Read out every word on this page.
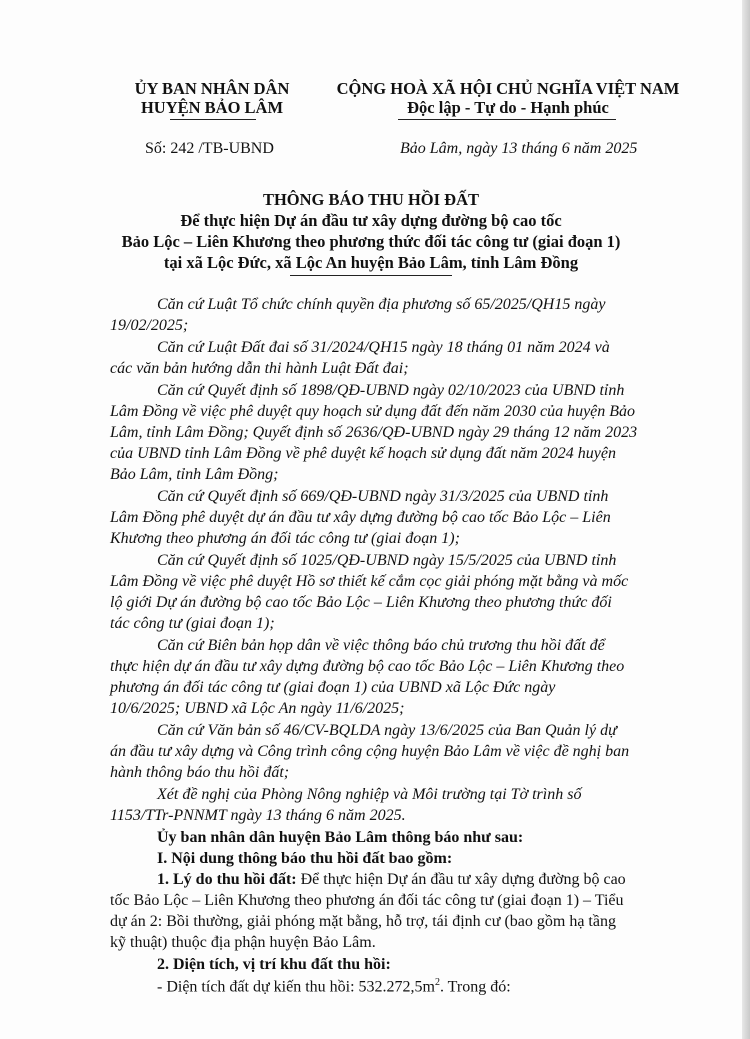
ỦY BAN NHÂN DÂN
HUYỆN BẢO LÂM
CỘNG HOÀ XÃ HỘI CHỦ NGHĨA VIỆT NAM
Độc lập - Tự do - Hạnh phúc
Số: 242 /TB-UBND	Bảo Lâm, ngày 13 tháng 6 năm 2025
THÔNG BÁO THU HỒI ĐẤT
Để thực hiện Dự án đầu tư xây dựng đường bộ cao tốc
Bảo Lộc – Liên Khương theo phương thức đối tác công tư (giai đoạn 1)
tại xã Lộc Đức, xã Lộc An huyện Bảo Lâm, tỉnh Lâm Đồng
Căn cứ Luật Tổ chức chính quyền địa phương số 65/2025/QH15 ngày
19/02/2025;
Căn cứ Luật Đất đai số 31/2024/QH15 ngày 18 tháng 01 năm 2024 và
các văn bản hướng dẫn thi hành Luật Đất đai;
Căn cứ Quyết định số 1898/QĐ-UBND ngày 02/10/2023 của UBND tỉnh
Lâm Đồng về việc phê duyệt quy hoạch sử dụng đất đến năm 2030 của huyện Bảo
Lâm, tỉnh Lâm Đồng; Quyết định số 2636/QĐ-UBND ngày 29 tháng 12 năm 2023
của UBND tỉnh Lâm Đồng về phê duyệt kế hoạch sử dụng đất năm 2024 huyện
Bảo Lâm, tỉnh Lâm Đồng;
Căn cứ Quyết định số 669/QĐ-UBND ngày 31/3/2025 của UBND tỉnh
Lâm Đồng phê duyệt dự án đầu tư xây dựng đường bộ cao tốc Bảo Lộc – Liên
Khương theo phương án đối tác công tư (giai đoạn 1);
Căn cứ Quyết định số 1025/QĐ-UBND ngày 15/5/2025 của UBND tỉnh
Lâm Đồng về việc phê duyệt Hồ sơ thiết kế cắm cọc giải phóng mặt bằng và mốc
lộ giới Dự án đường bộ cao tốc Bảo Lộc – Liên Khương theo phương thức đối
tác công tư (giai đoạn 1);
Căn cứ Biên bản họp dân về việc thông báo chủ trương thu hồi đất để
thực hiện dự án đầu tư xây dựng đường bộ cao tốc Bảo Lộc – Liên Khương theo
phương án đối tác công tư (giai đoạn 1) của UBND xã Lộc Đức ngày
10/6/2025; UBND xã Lộc An ngày 11/6/2025;
Căn cứ Văn bản số 46/CV-BQLDA ngày 13/6/2025 của Ban Quản lý dự
án đầu tư xây dựng và Công trình công cộng huyện Bảo Lâm về việc đề nghị ban
hành thông báo thu hồi đất;
Xét đề nghị của Phòng Nông nghiệp và Môi trường tại Tờ trình số
1153/TTr-PNNMT ngày 13 tháng 6 năm 2025.
Ủy ban nhân dân huyện Bảo Lâm thông báo như sau:
I. Nội dung thông báo thu hồi đất bao gồm:
1. Lý do thu hồi đất: Để thực hiện Dự án đầu tư xây dựng đường bộ cao
tốc Bảo Lộc – Liên Khương theo phương án đối tác công tư (giai đoạn 1) – Tiểu
dự án 2: Bồi thường, giải phóng mặt bằng, hỗ trợ, tái định cư (bao gồm hạ tầng
kỹ thuật) thuộc địa phận huyện Bảo Lâm.
2. Diện tích, vị trí khu đất thu hồi:
- Diện tích đất dự kiến thu hồi: $532.272,5m^2$. Trong đó:
